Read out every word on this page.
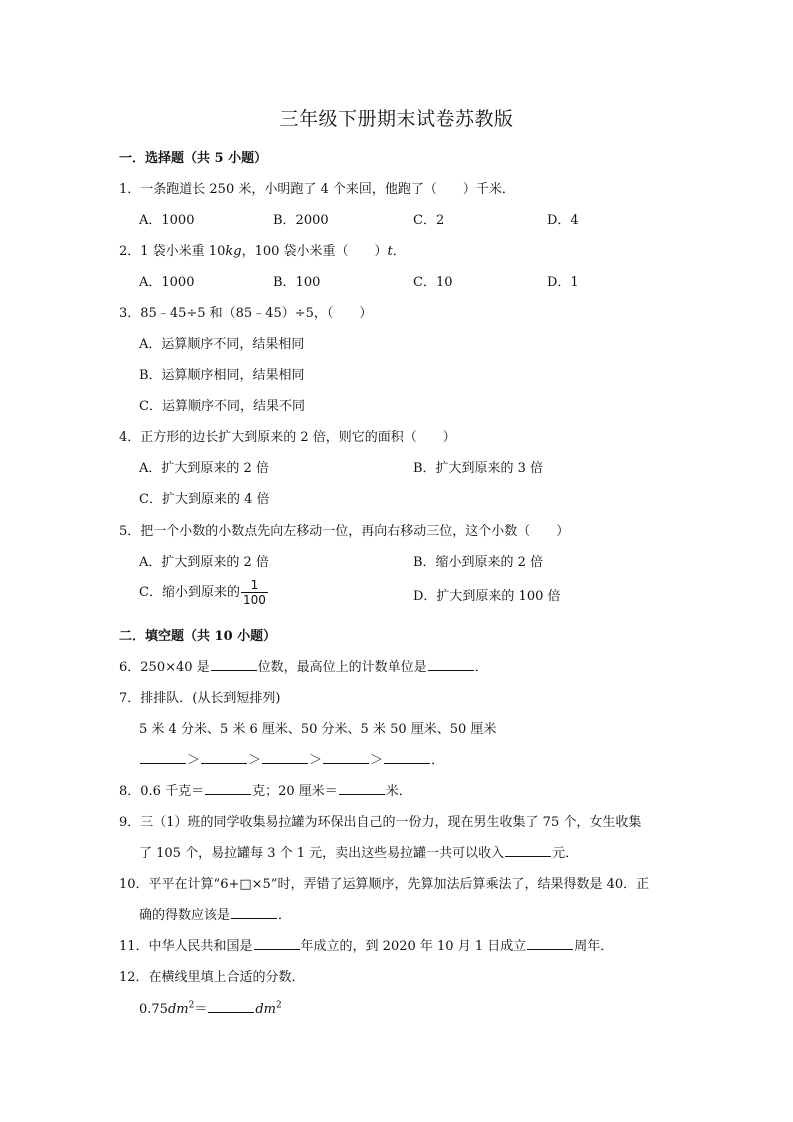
三年级下册期末试卷苏教版
一．选择题（共 5 小题）
1．一条跑道长 250 米，小明跑了 4 个来回，他跑了（　　）千米．
A．1000	B．2000	C．2	D．4
2．1 袋小米重 10kg，100 袋小米重（　　）t．
A．1000	B．100	C．10	D．1
3．85﹣45÷5 和（85﹣45）÷5，（　　）
A．运算顺序不同，结果相同
B．运算顺序相同，结果相同
C．运算顺序不同，结果不同
4．正方形的边长扩大到原来的 2 倍，则它的面积（　　）
A．扩大到原来的 2 倍	B．扩大到原来的 3 倍
C．扩大到原来的 4 倍
5．把一个小数的小数点先向左移动一位，再向右移动三位，这个小数（　　）
A．扩大到原来的 2 倍	B．缩小到原来的 2 倍
C．缩小到原来的 $\frac{1}{100}$	D．扩大到原来的 100 倍
二．填空题（共 10 小题）
6．250×40 是	位数，最高位上的计数单位是	．
7．排排队．(从长到短排列)
5 米 4 分米、5 米 6 厘米、50 分米、5 米 50 厘米、50 厘米
＞	＞	＞	＞	．
8．0.6 千克＝	克；20 厘米＝	米．
9．三（1）班的同学收集易拉罐为环保出自己的一份力，现在男生收集了 75 个，女生收集
了 105 个，易拉罐每 3 个 1 元，卖出这些易拉罐一共可以收入	元．
10．平平在计算“6+□×5”时，弄错了运算顺序，先算加法后算乘法了，结果得数是 40．正
确的得数应该是	．
11．中华人民共和国是	年成立的，到 2020 年 10 月 1 日成立	周年．
12．在横线里填上合适的分数．
$0.75dm^2=$	$dm^2$
